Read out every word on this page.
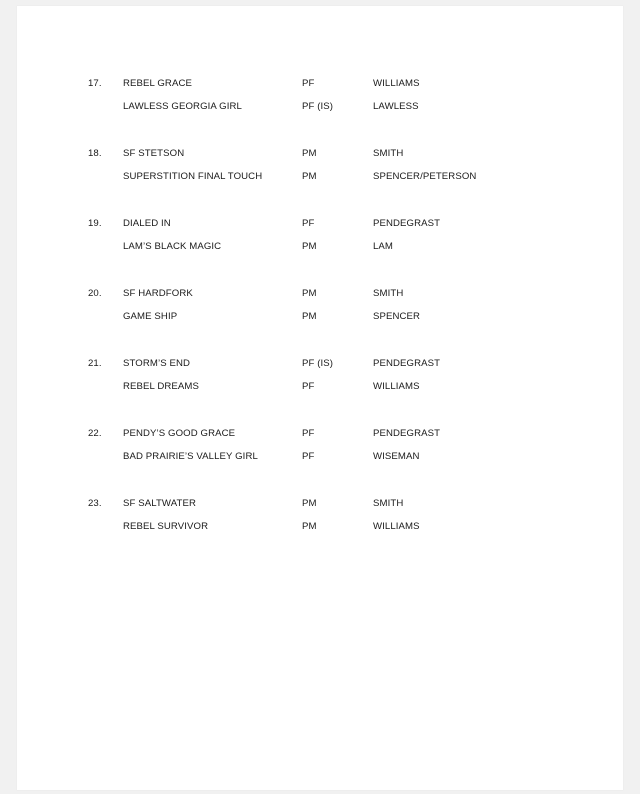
17. REBEL GRACE	PF	WILLIAMS
LAWLESS GEORGIA GIRL	PF (IS)	LAWLESS
18. SF STETSON	PM	SMITH
SUPERSTITION FINAL TOUCH	PM	SPENCER/PETERSON
19. DIALED IN	PF	PENDEGRAST
LAM’S BLACK MAGIC	PM	LAM
20. SF HARDFORK	PM	SMITH
GAME SHIP	PM	SPENCER
21. STORM’S END	PF (IS)	PENDEGRAST
REBEL DREAMS	PF	WILLIAMS
22. PENDY’S GOOD GRACE	PF	PENDEGRAST
BAD PRAIRIE’S VALLEY GIRL	PF	WISEMAN
23. SF SALTWATER	PM	SMITH
REBEL SURVIVOR	PM	WILLIAMS
